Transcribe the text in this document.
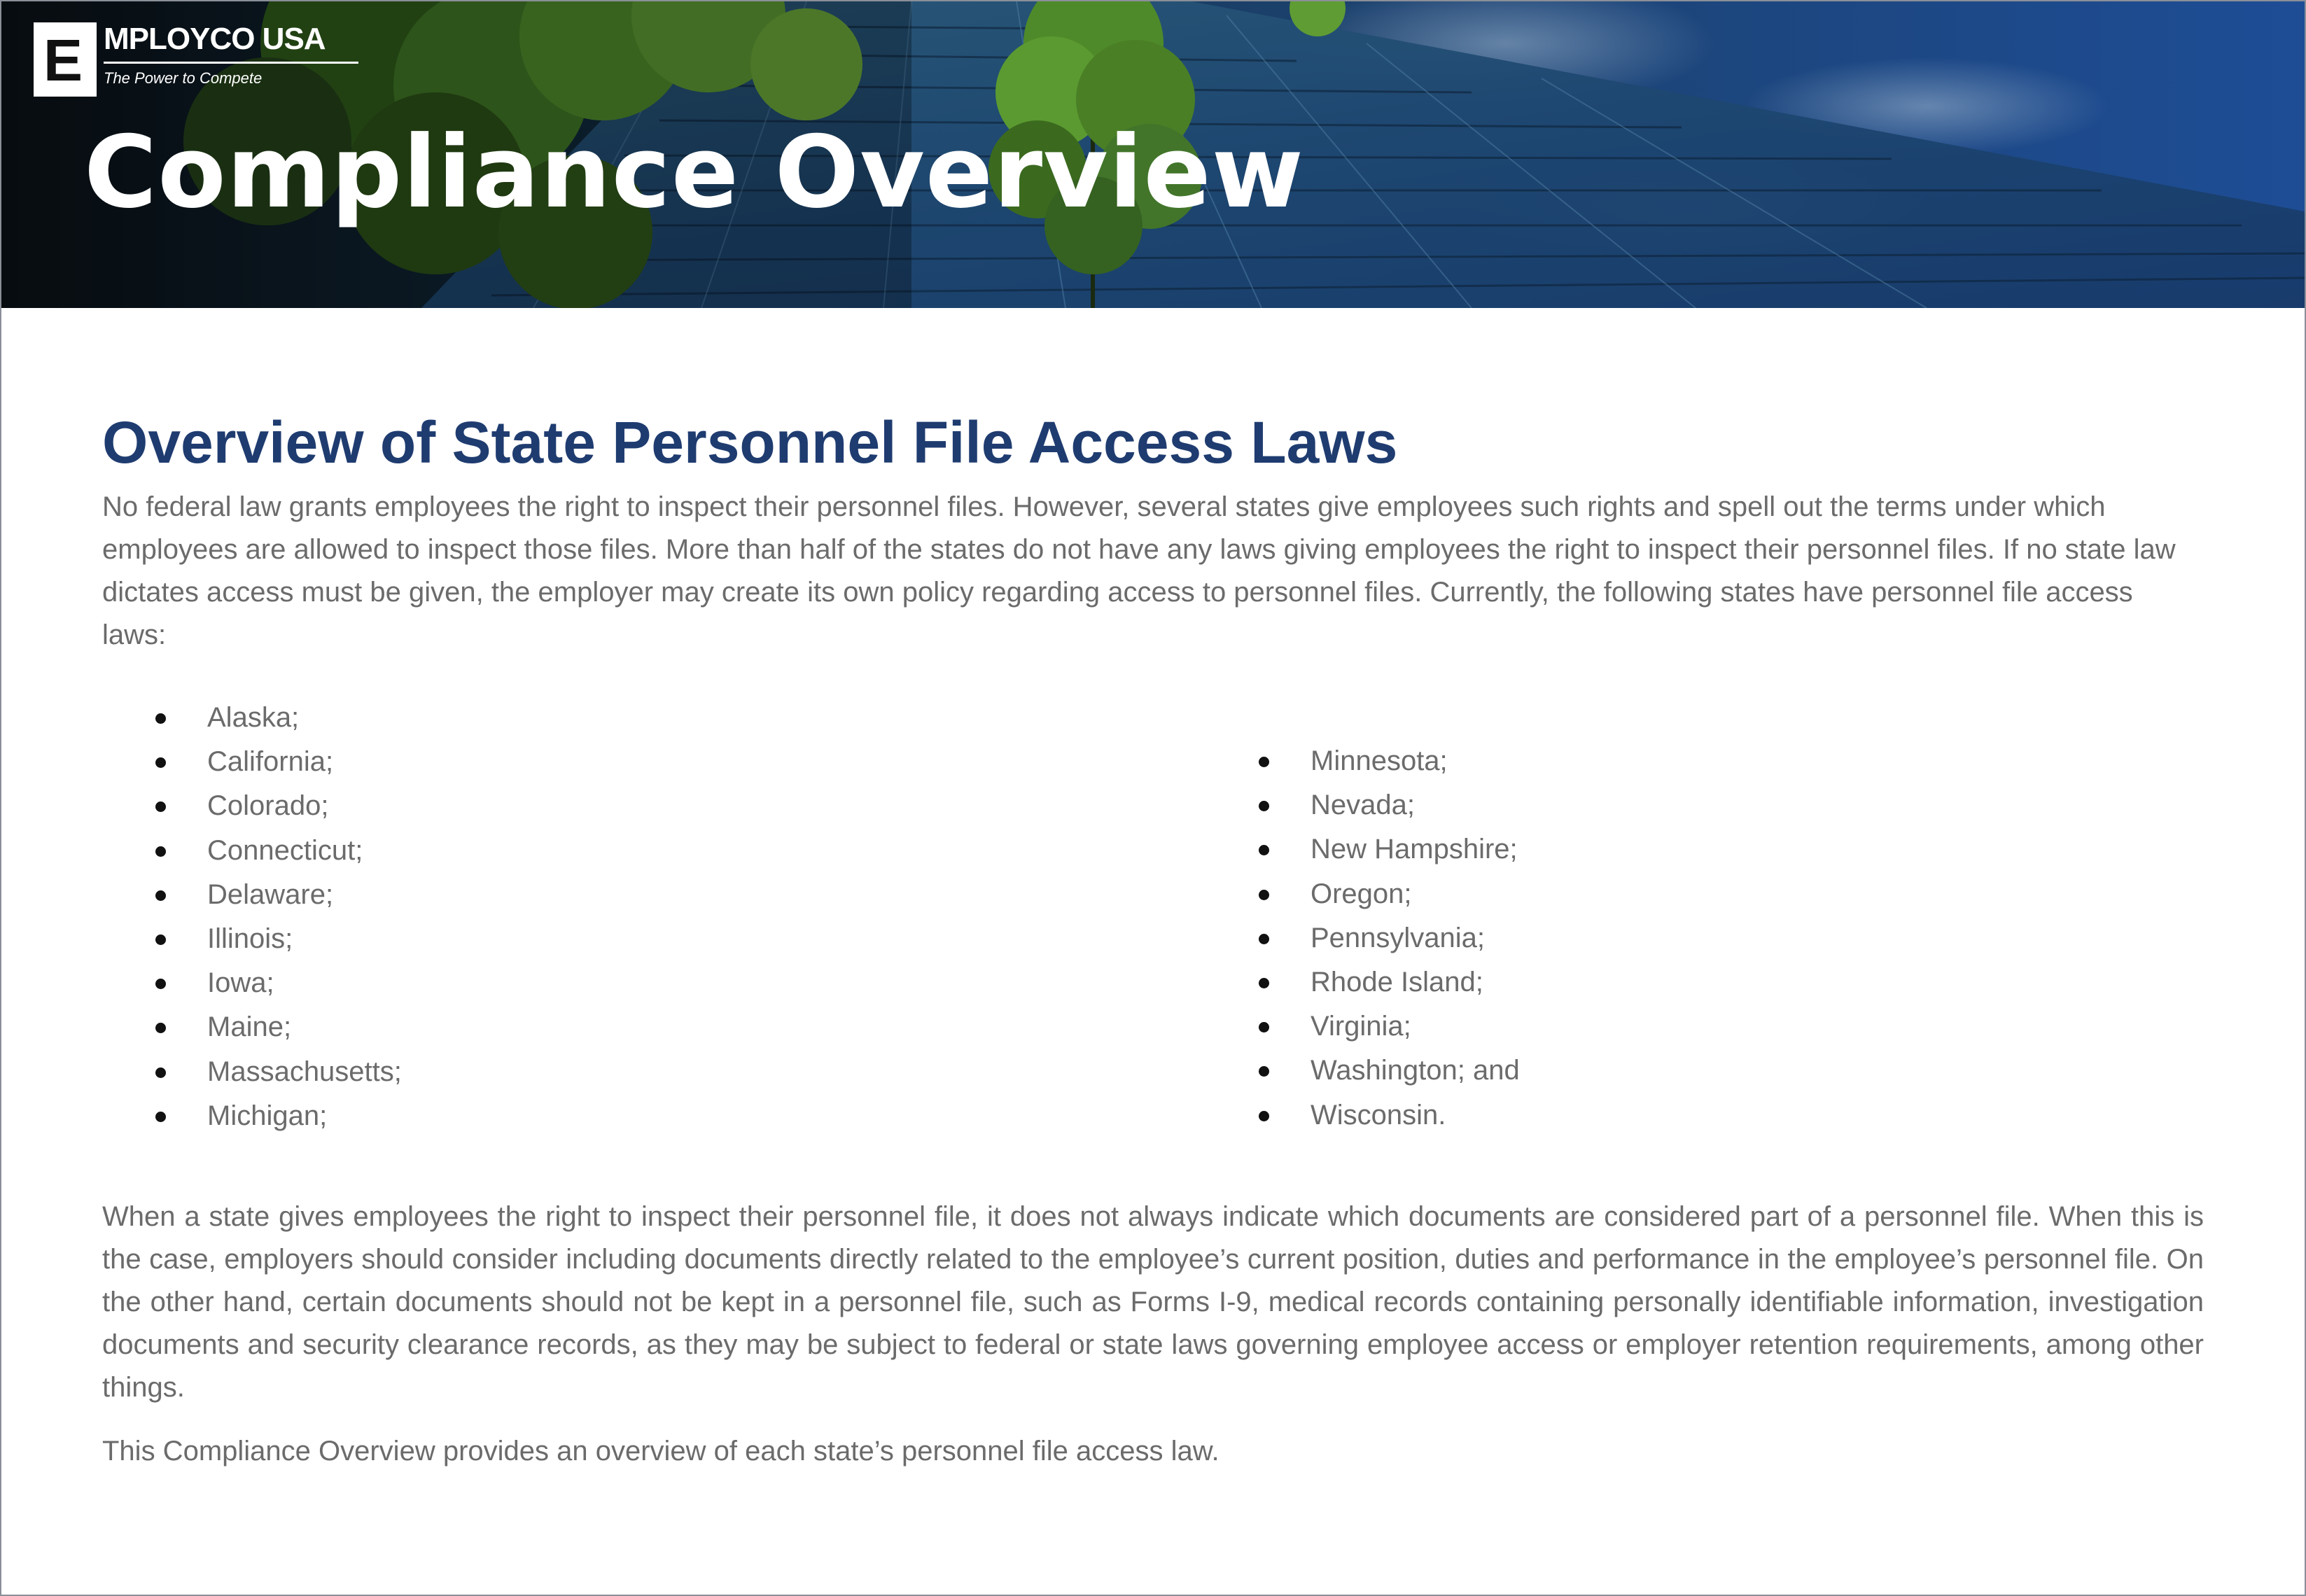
E MPLOYCO USA
The Power to Compete
Compliance Overview
Overview of State Personnel File Access Laws

No federal law grants employees the right to inspect their personnel files. However, several states give employees such rights and spell out the terms under which employees are allowed to inspect those files. More than half of the states do not have any laws giving employees the right to inspect their personnel files. If no state law dictates access must be given, the employer may create its own policy regarding access to personnel files. Currently, the following states have personnel file access laws:

Alaska;
California;
Colorado;
Connecticut;
Delaware;
Illinois;
Iowa;
Maine;
Massachusetts;
Michigan;
Minnesota;
Nevada;
New Hampshire;
Oregon;
Pennsylvania;
Rhode Island;
Virginia;
Washington; and
Wisconsin.

When a state gives employees the right to inspect their personnel file, it does not always indicate which documents are considered part of a personnel file. When this is the case, employers should consider including documents directly related to the employee’s current position, duties and performance in the employee’s personnel file. On the other hand, certain documents should not be kept in a personnel file, such as Forms I-9, medical records containing personally identifiable information, investigation documents and security clearance records, as they may be subject to federal or state laws governing employee access or employer retention requirements, among other things.

This Compliance Overview provides an overview of each state’s personnel file access law.
